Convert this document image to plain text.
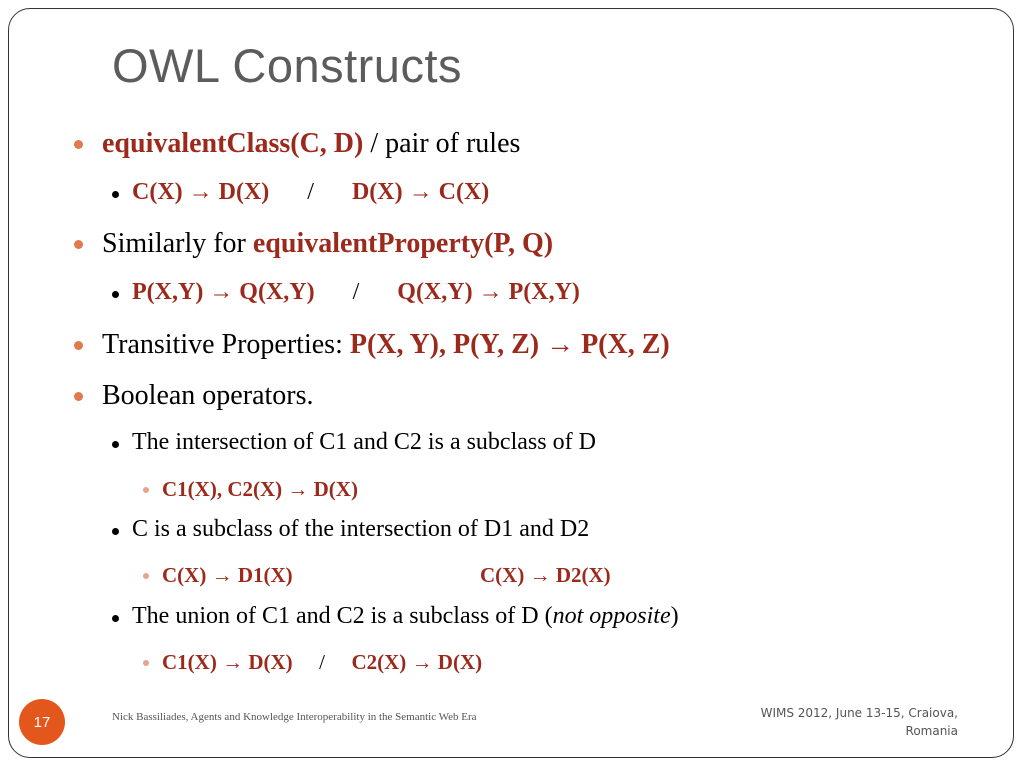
OWL Constructs
equivalentClass(C, D) / pair of rules
C(X) → D(X) / D(X) → C(X)
Similarly for equivalentProperty(P, Q)
P(X,Y) → Q(X,Y) / Q(X,Y) → P(X,Y)
Transitive Properties: P(X, Y), P(Y, Z) → P(X, Z)
Boolean operators.
The intersection of C1 and C2 is a subclass of D
C1(X), C2(X) → D(X)
C is a subclass of the intersection of D1 and D2
C(X) → D1(X)	C(X) → D2(X)
The union of C1 and C2 is a subclass of D (not opposite)
C1(X) → D(X) / C2(X) → D(X)
17	Nick Bassiliades, Agents and Knowledge Interoperability in the Semantic Web Era	WIMS 2012, June 13-15, Craiova,
Romania
